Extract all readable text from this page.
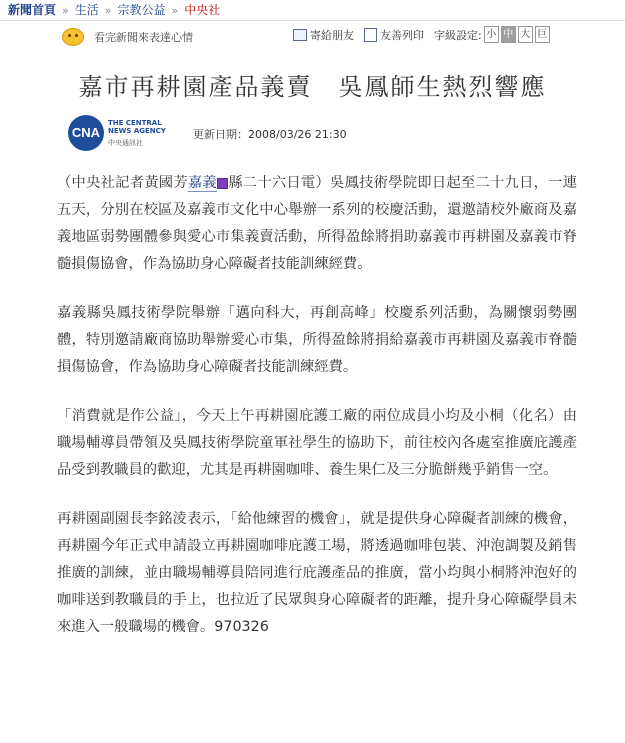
新聞首頁 » 生活 » 宗教公益 » 中央社
看完新聞來表達心情	寄給朋友 友善列印 字級設定: 小 中 大 巨
嘉市再耕園產品義賣　吳鳳師生熱烈響應
CNA
THE CENTRAL
NEWS AGENCY
中央通訊社
更新日期：2008/03/26 21:30

（中央社記者黃國芳嘉義 縣二十六日電）吳鳳技術學院即日起至二十九日，一連五天，分別在校區及嘉義市文化中心舉辦一系列的校慶活動，還邀請校外廠商及嘉義地區弱勢團體參與愛心市集義賣活動，所得盈餘將捐助嘉義市再耕園及嘉義市脊髓損傷協會，作為協助身心障礙者技能訓練經費。

嘉義縣吳鳳技術學院舉辦「邁向科大，再創高峰」校慶系列活動，為關懷弱勢團體，特別邀請廠商協助舉辦愛心市集，所得盈餘將捐給嘉義市再耕園及嘉義市脊髓損傷協會，作為協助身心障礙者技能訓練經費。

「消費就是作公益」，今天上午再耕園庇護工廠的兩位成員小均及小桐（化名）由職場輔導員帶領及吳鳳技術學院童軍社學生的協助下，前往校內各處室推廣庇護產品受到教職員的歡迎，尤其是再耕園咖啡、養生果仁及三分脆餅幾乎銷售一空。

再耕園副園長李銘淩表示，「給他練習的機會」，就是提供身心障礙者訓練的機會，再耕園今年正式申請設立再耕園咖啡庇護工場，將透過咖啡包裝、沖泡調製及銷售推廣的訓練，並由職場輔導員陪同進行庇護產品的推廣，當小均與小桐將沖泡好的咖啡送到教職員的手上，也拉近了民眾與身心障礙者的距離，提升身心障礙學員未來進入一般職場的機會。970326
